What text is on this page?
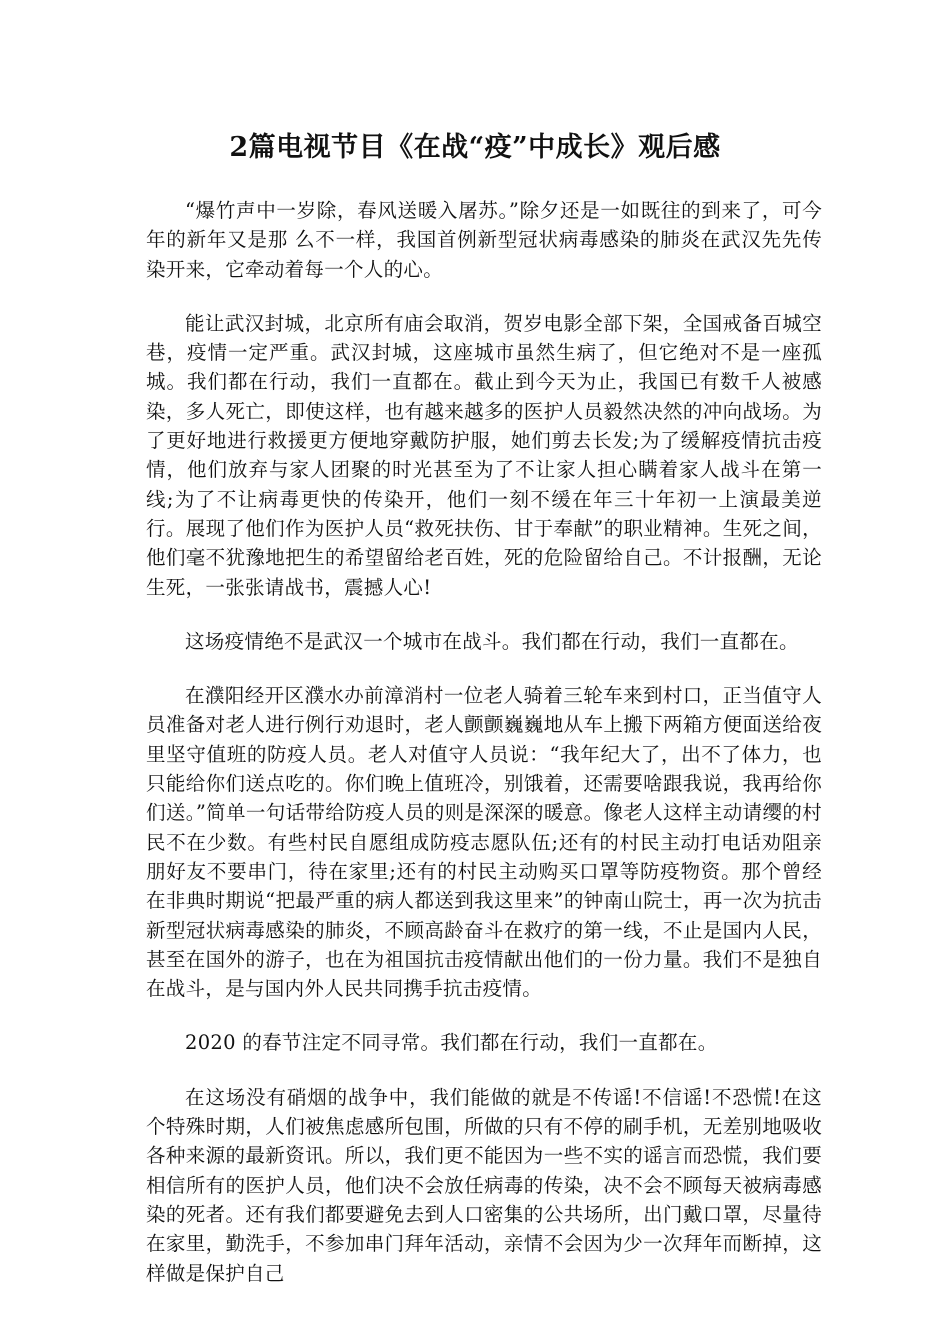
2篇电视节目《在战“疫”中成长》观后感

“爆竹声中一岁除，春风送暖入屠苏。”除夕还是一如既往的到来了，可今年的新年又是那 么不一样，我国首例新型冠状病毒感染的肺炎在武汉先先传染开来，它牵动着每一个人的心。

能让武汉封城，北京所有庙会取消，贺岁电影全部下架，全国戒备百城空巷，疫情一定严重。武汉封城，这座城市虽然生病了，但它绝对不是一座孤城。我们都在行动，我们一直都在。截止到今天为止，我国已有数千人被感染，多人死亡，即使这样，也有越来越多的医护人员毅然决然的冲向战场。为了更好地进行救援更方便地穿戴防护服，她们剪去长发;为了缓解疫情抗击疫情，他们放弃与家人团聚的时光甚至为了不让家人担心瞒着家人战斗在第一线;为了不让病毒更快的传染开，他们一刻不缓在年三十年初一上演最美逆行。展现了他们作为医护人员“救死扶伤、甘于奉献”的职业精神。生死之间，他们毫不犹豫地把生的希望留给老百姓，死的危险留给自己。不计报酬，无论生死，一张张请战书，震撼人心!

这场疫情绝不是武汉一个城市在战斗。我们都在行动，我们一直都在。

在濮阳经开区濮水办前漳消村一位老人骑着三轮车来到村口，正当值守人员准备对老人进行例行劝退时，老人颤颤巍巍地从车上搬下两箱方便面送给夜里坚守值班的防疫人员。老人对值守人员说：“我年纪大了，出不了体力，也只能给你们送点吃的。你们晚上值班冷，别饿着，还需要啥跟我说，我再给你们送。”简单一句话带给防疫人员的则是深深的暖意。像老人这样主动请缨的村民不在少数。有些村民自愿组成防疫志愿队伍;还有的村民主动打电话劝阻亲朋好友不要串门，待在家里;还有的村民主动购买口罩等防疫物资。那个曾经在非典时期说“把最严重的病人都送到我这里来”的钟南山院士，再一次为抗击新型冠状病毒感染的肺炎，不顾高龄奋斗在救疗的第一线，不止是国内人民，甚至在国外的游子，也在为祖国抗击疫情献出他们的一份力量。我们不是独自在战斗，是与国内外人民共同携手抗击疫情。

2020 的春节注定不同寻常。我们都在行动，我们一直都在。

在这场没有硝烟的战争中，我们能做的就是不传谣!不信谣!不恐慌!在这个特殊时期，人们被焦虑感所包围，所做的只有不停的刷手机，无差别地吸收各种来源的最新资讯。所以，我们更不能因为一些不实的谣言而恐慌，我们要相信所有的医护人员，他们决不会放任病毒的传染，决不会不顾每天被病毒感染的死者。还有我们都要避免去到人口密集的公共场所，出门戴口罩，尽量待在家里，勤洗手，不参加串门拜年活动，亲情不会因为少一次拜年而断掉，这样做是保护自己
